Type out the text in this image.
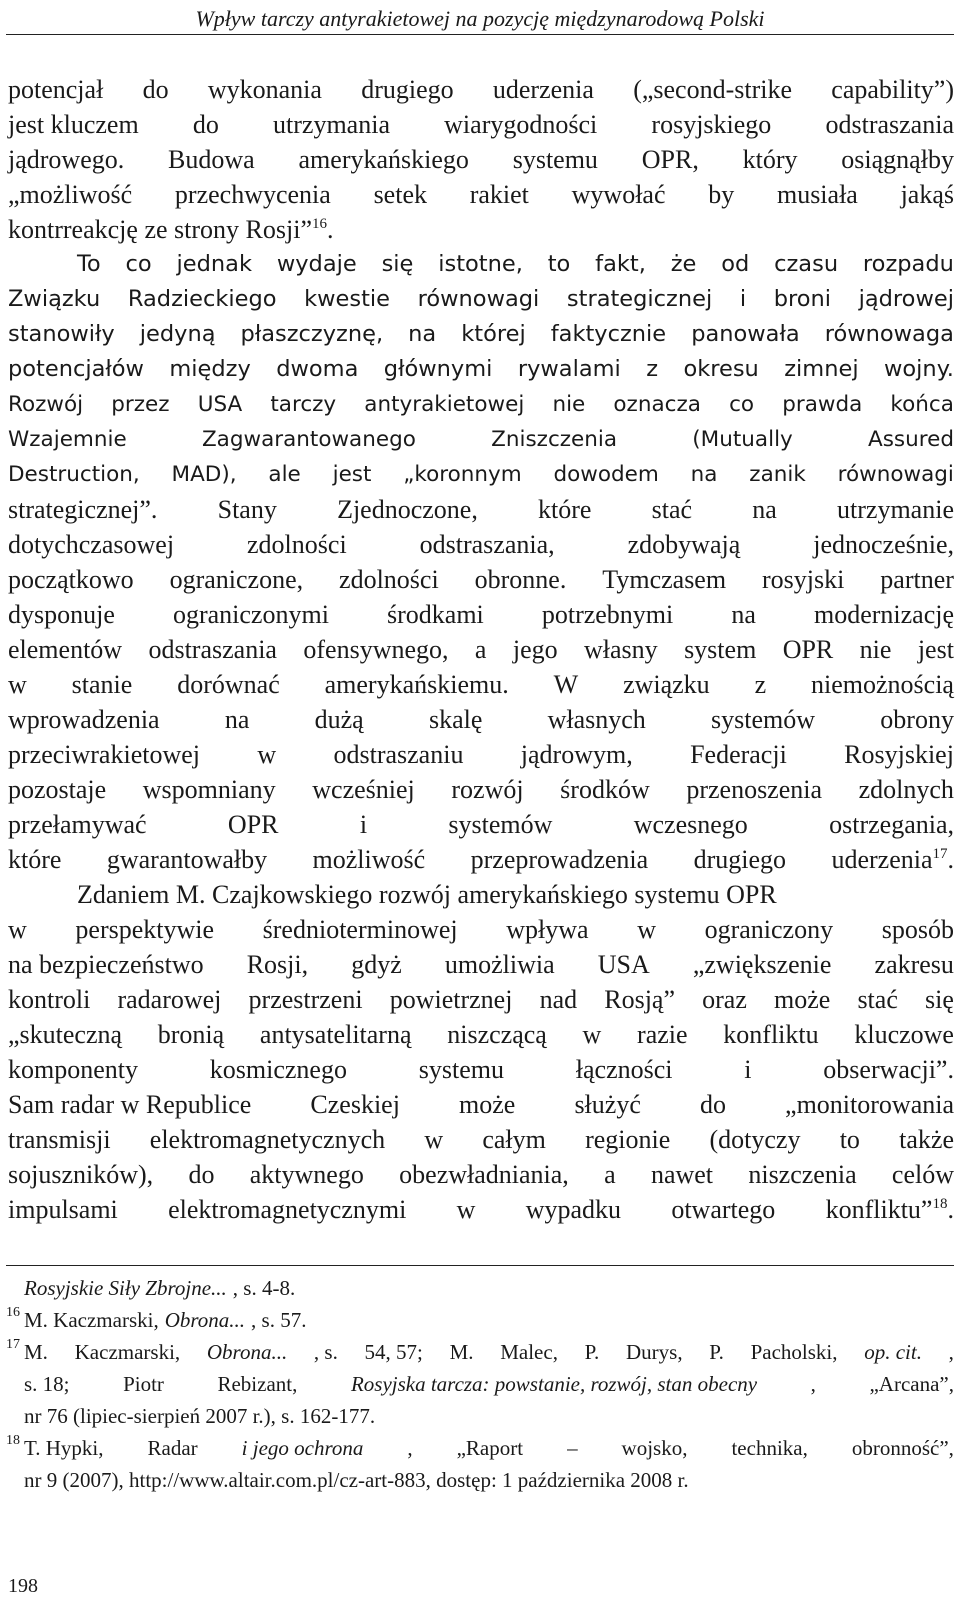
Wpływ tarczy antyrakietowej na pozycję międzynarodową Polski
potencjał do wykonania drugiego uderzenia („second-strike capability”)
jest kluczem do utrzymania wiarygodności rosyjskiego odstraszania
jądrowego. Budowa amerykańskiego systemu OPR, który osiągnąłby
„możliwość przechwycenia setek rakiet wywołać by musiała jakąś
kontrreakcję
ze
strony
Rosji”$^{16}$.
To co jednak wydaje się istotne, to fakt, że od czasu rozpadu
Związku Radzieckiego kwestie równowagi strategicznej i broni jądrowej
stanowiły jedyną płaszczyznę, na której faktycznie panowała równowaga
potencjałów między dwoma głównymi rywalami z okresu zimnej wojny.
Rozwój przez USA tarczy antyrakietowej nie oznacza co prawda końca
Wzajemnie	Zagwarantowanego	Zniszczenia	(Mutually	Assured
Destruction, MAD), ale jest „koronnym dowodem na zanik równowagi
strategicznej”. Stany Zjednoczone, które stać na utrzymanie
dotychczasowej	zdolności	odstraszania,	zdobywają	jednocześnie,
początkowo ograniczone, zdolności obronne. Tymczasem rosyjski partner
dysponuje ograniczonymi środkami potrzebnymi na modernizację
elementów odstraszania ofensywnego, a jego własny system OPR nie jest
w stanie dorównać amerykańskiemu. W związku z niemożnością
wprowadzenia	na	dużą	skalę	własnych	systemów	obrony
przeciwrakietowej w odstraszaniu jądrowym, Federacji Rosyjskiej
pozostaje wspomniany wcześniej rozwój środków przenoszenia zdolnych
przełamywać	OPR	i	systemów	wczesnego	ostrzegania,
które gwarantowałby możliwość przeprowadzenia drugiego uderzenia$^{17}$.
Zdaniem M. Czajkowskiego rozwój amerykańskiego systemu OPR
w perspektywie średnioterminowej wpływa w ograniczony sposób
na bezpieczeństwo Rosji, gdyż umożliwia USA „zwiększenie zakresu
kontroli radarowej przestrzeni powietrznej nad Rosją” oraz może stać się
„skuteczną bronią antysatelitarną niszczącą w razie konfliktu kluczowe
komponenty	kosmicznego	systemu	łączności	i	obserwacji”.
Sam radar w Republice Czeskiej może służyć do „monitorowania
transmisji elektromagnetycznych w całym regionie (dotyczy to także
sojuszników), do aktywnego obezwładniania, a nawet niszczenia celów
impulsami elektromagnetycznymi w wypadku otwartego konfliktu”$^{18}$.
Rosyjskie Siły Zbrojne... , s. 4-8.
16 M. Kaczmarski, Obrona... , s. 57.
17 M. Kaczmarski, Obrona... , s. 54, 57; M. Malec, P. Durys, P. Pacholski, op. cit. ,
s. 18;	Piotr	Rebizant,	Rosyjska tarcza: powstanie, rozwój, stan obecny	,	„Arcana”,
nr 76 (lipiec-sierpień 2007 r.), s. 162-177.
18 T. Hypki, Radar i jego ochrona , „Raport – wojsko, technika, obronność”,
nr 9 (2007), http://www.altair.com.pl/cz-art-883, dostęp: 1 października 2008 r.
198
